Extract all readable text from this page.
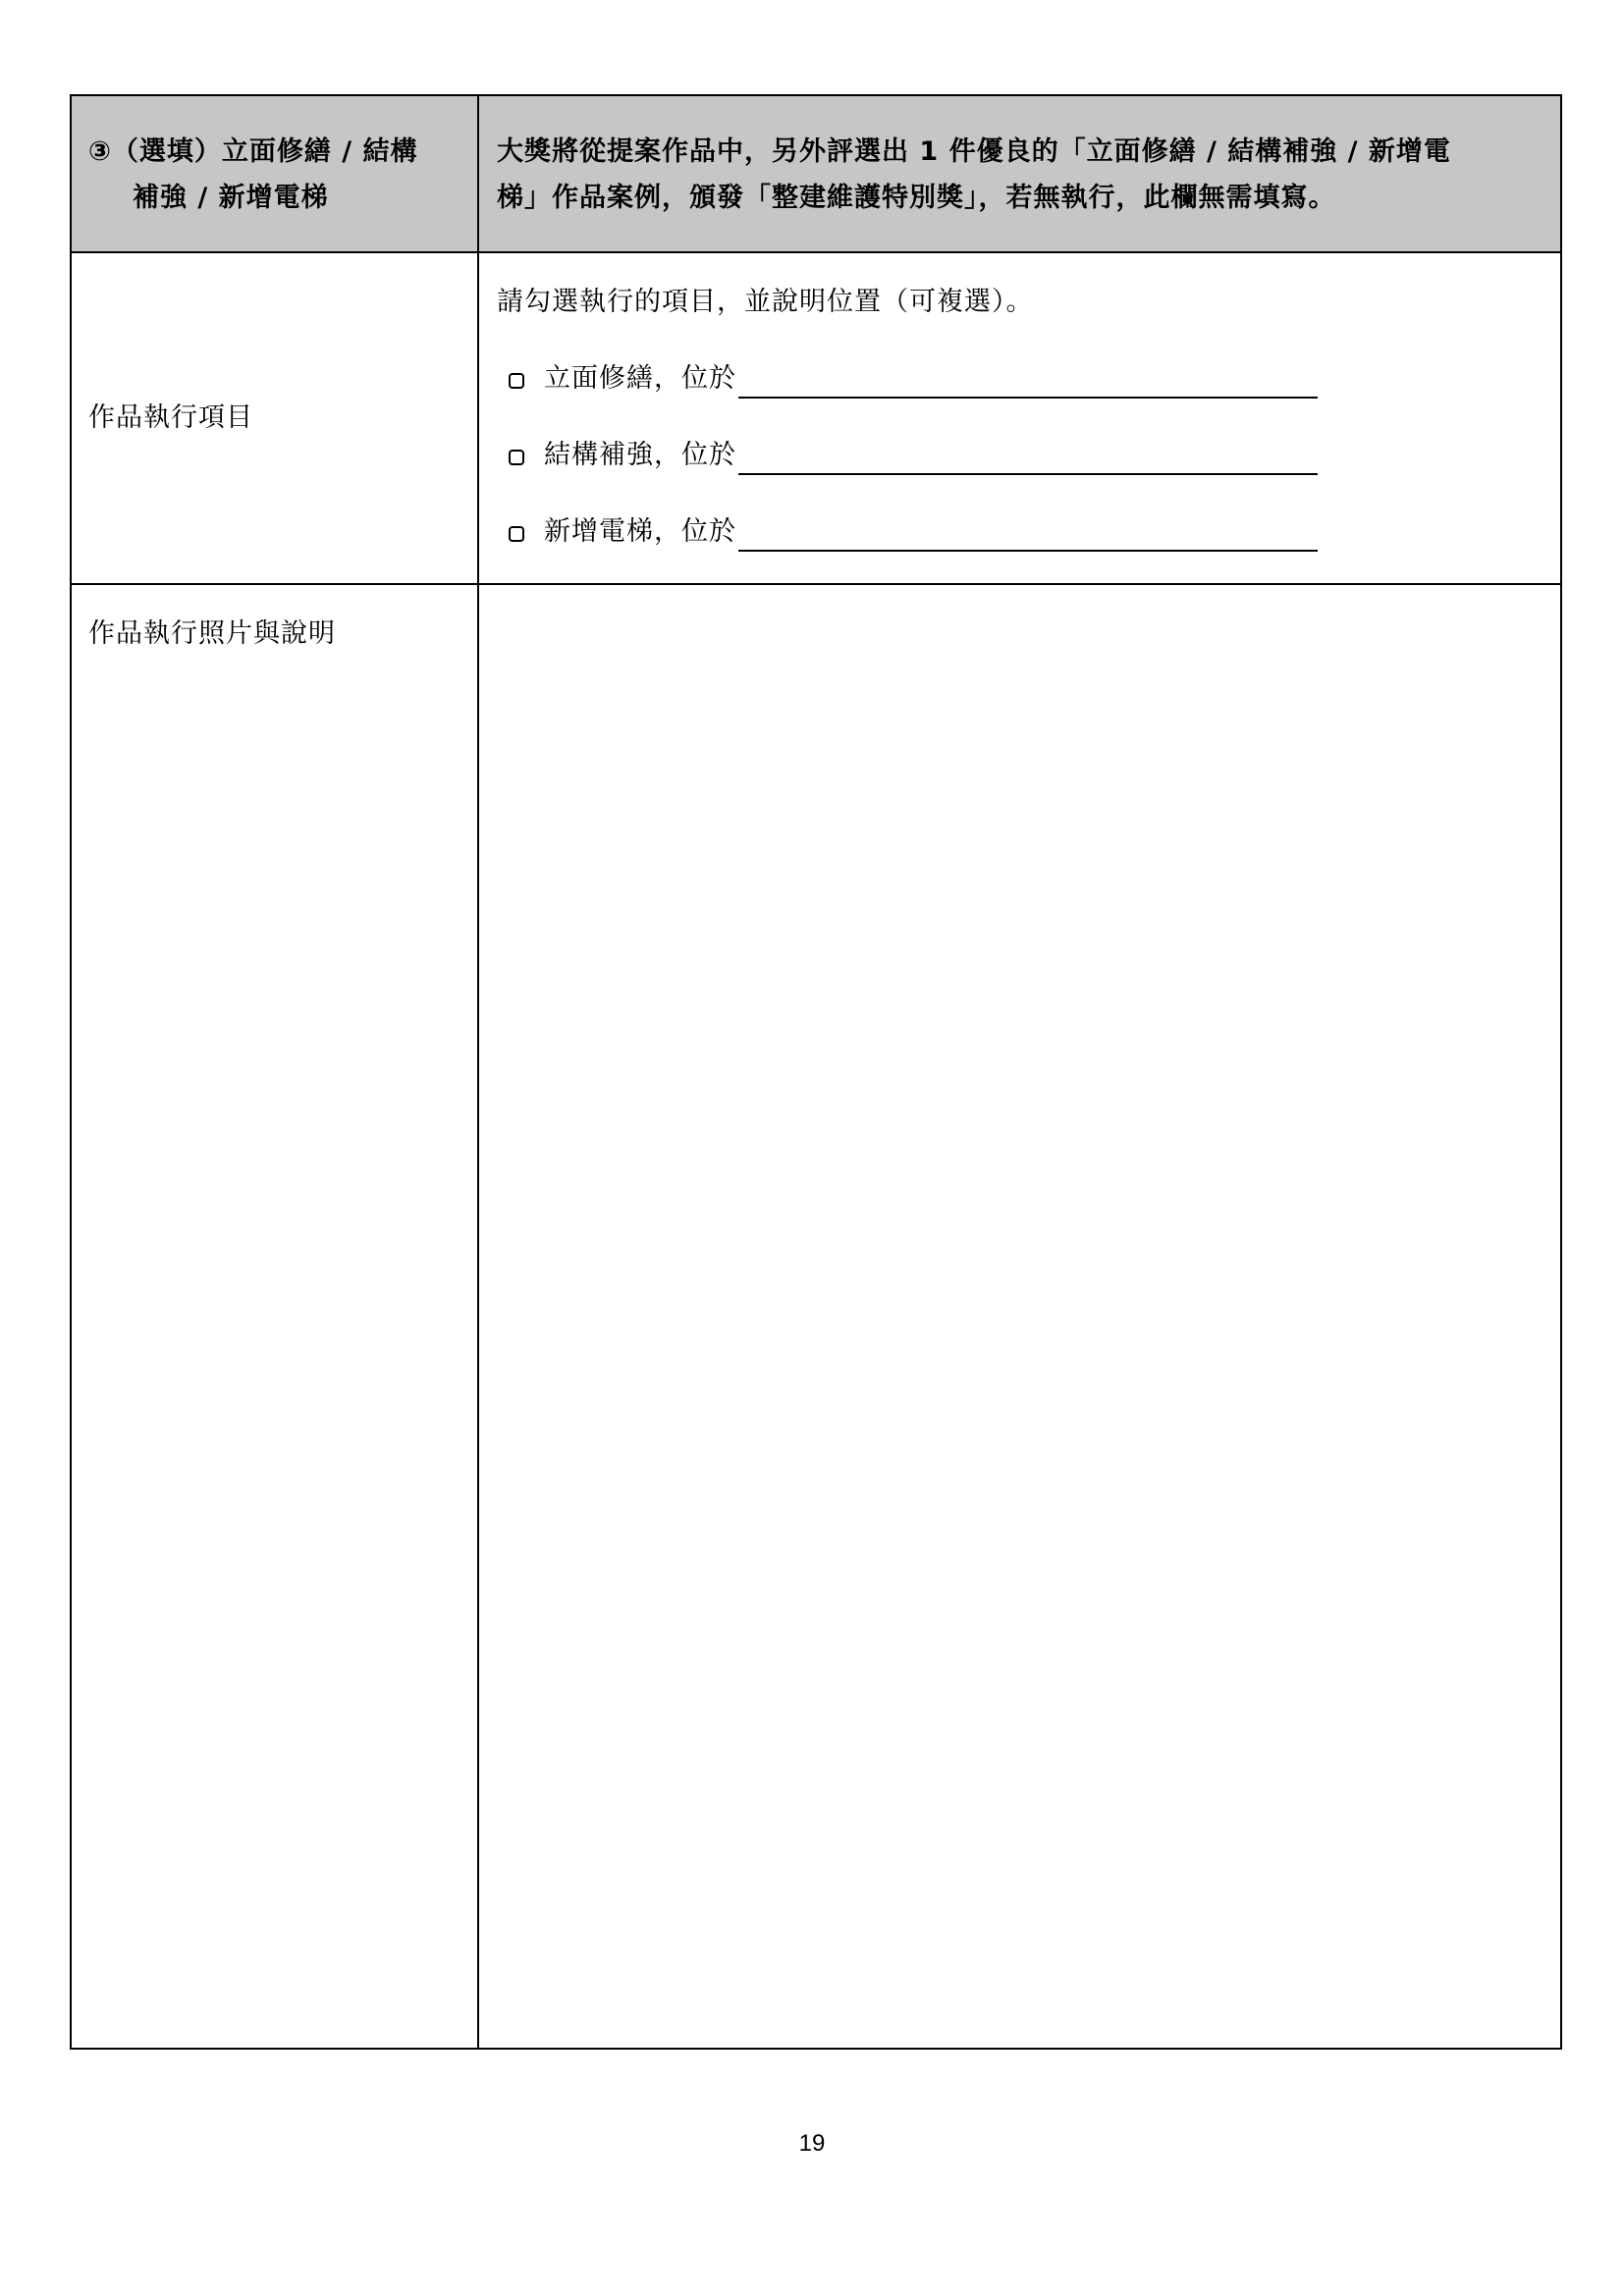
③（選填）立面修繕 / 結構
補強 / 新增電梯
大獎將從提案作品中，另外評選出 1 件優良的「立面修繕 / 結構補強 / 新增電
梯」作品案例，頒發「整建維護特別獎」，若無執行，此欄無需填寫。
作品執行項目
請勾選執行的項目，並說明位置（可複選）。
立面修繕，位於
結構補強，位於
新增電梯，位於
作品執行照片與說明
19
